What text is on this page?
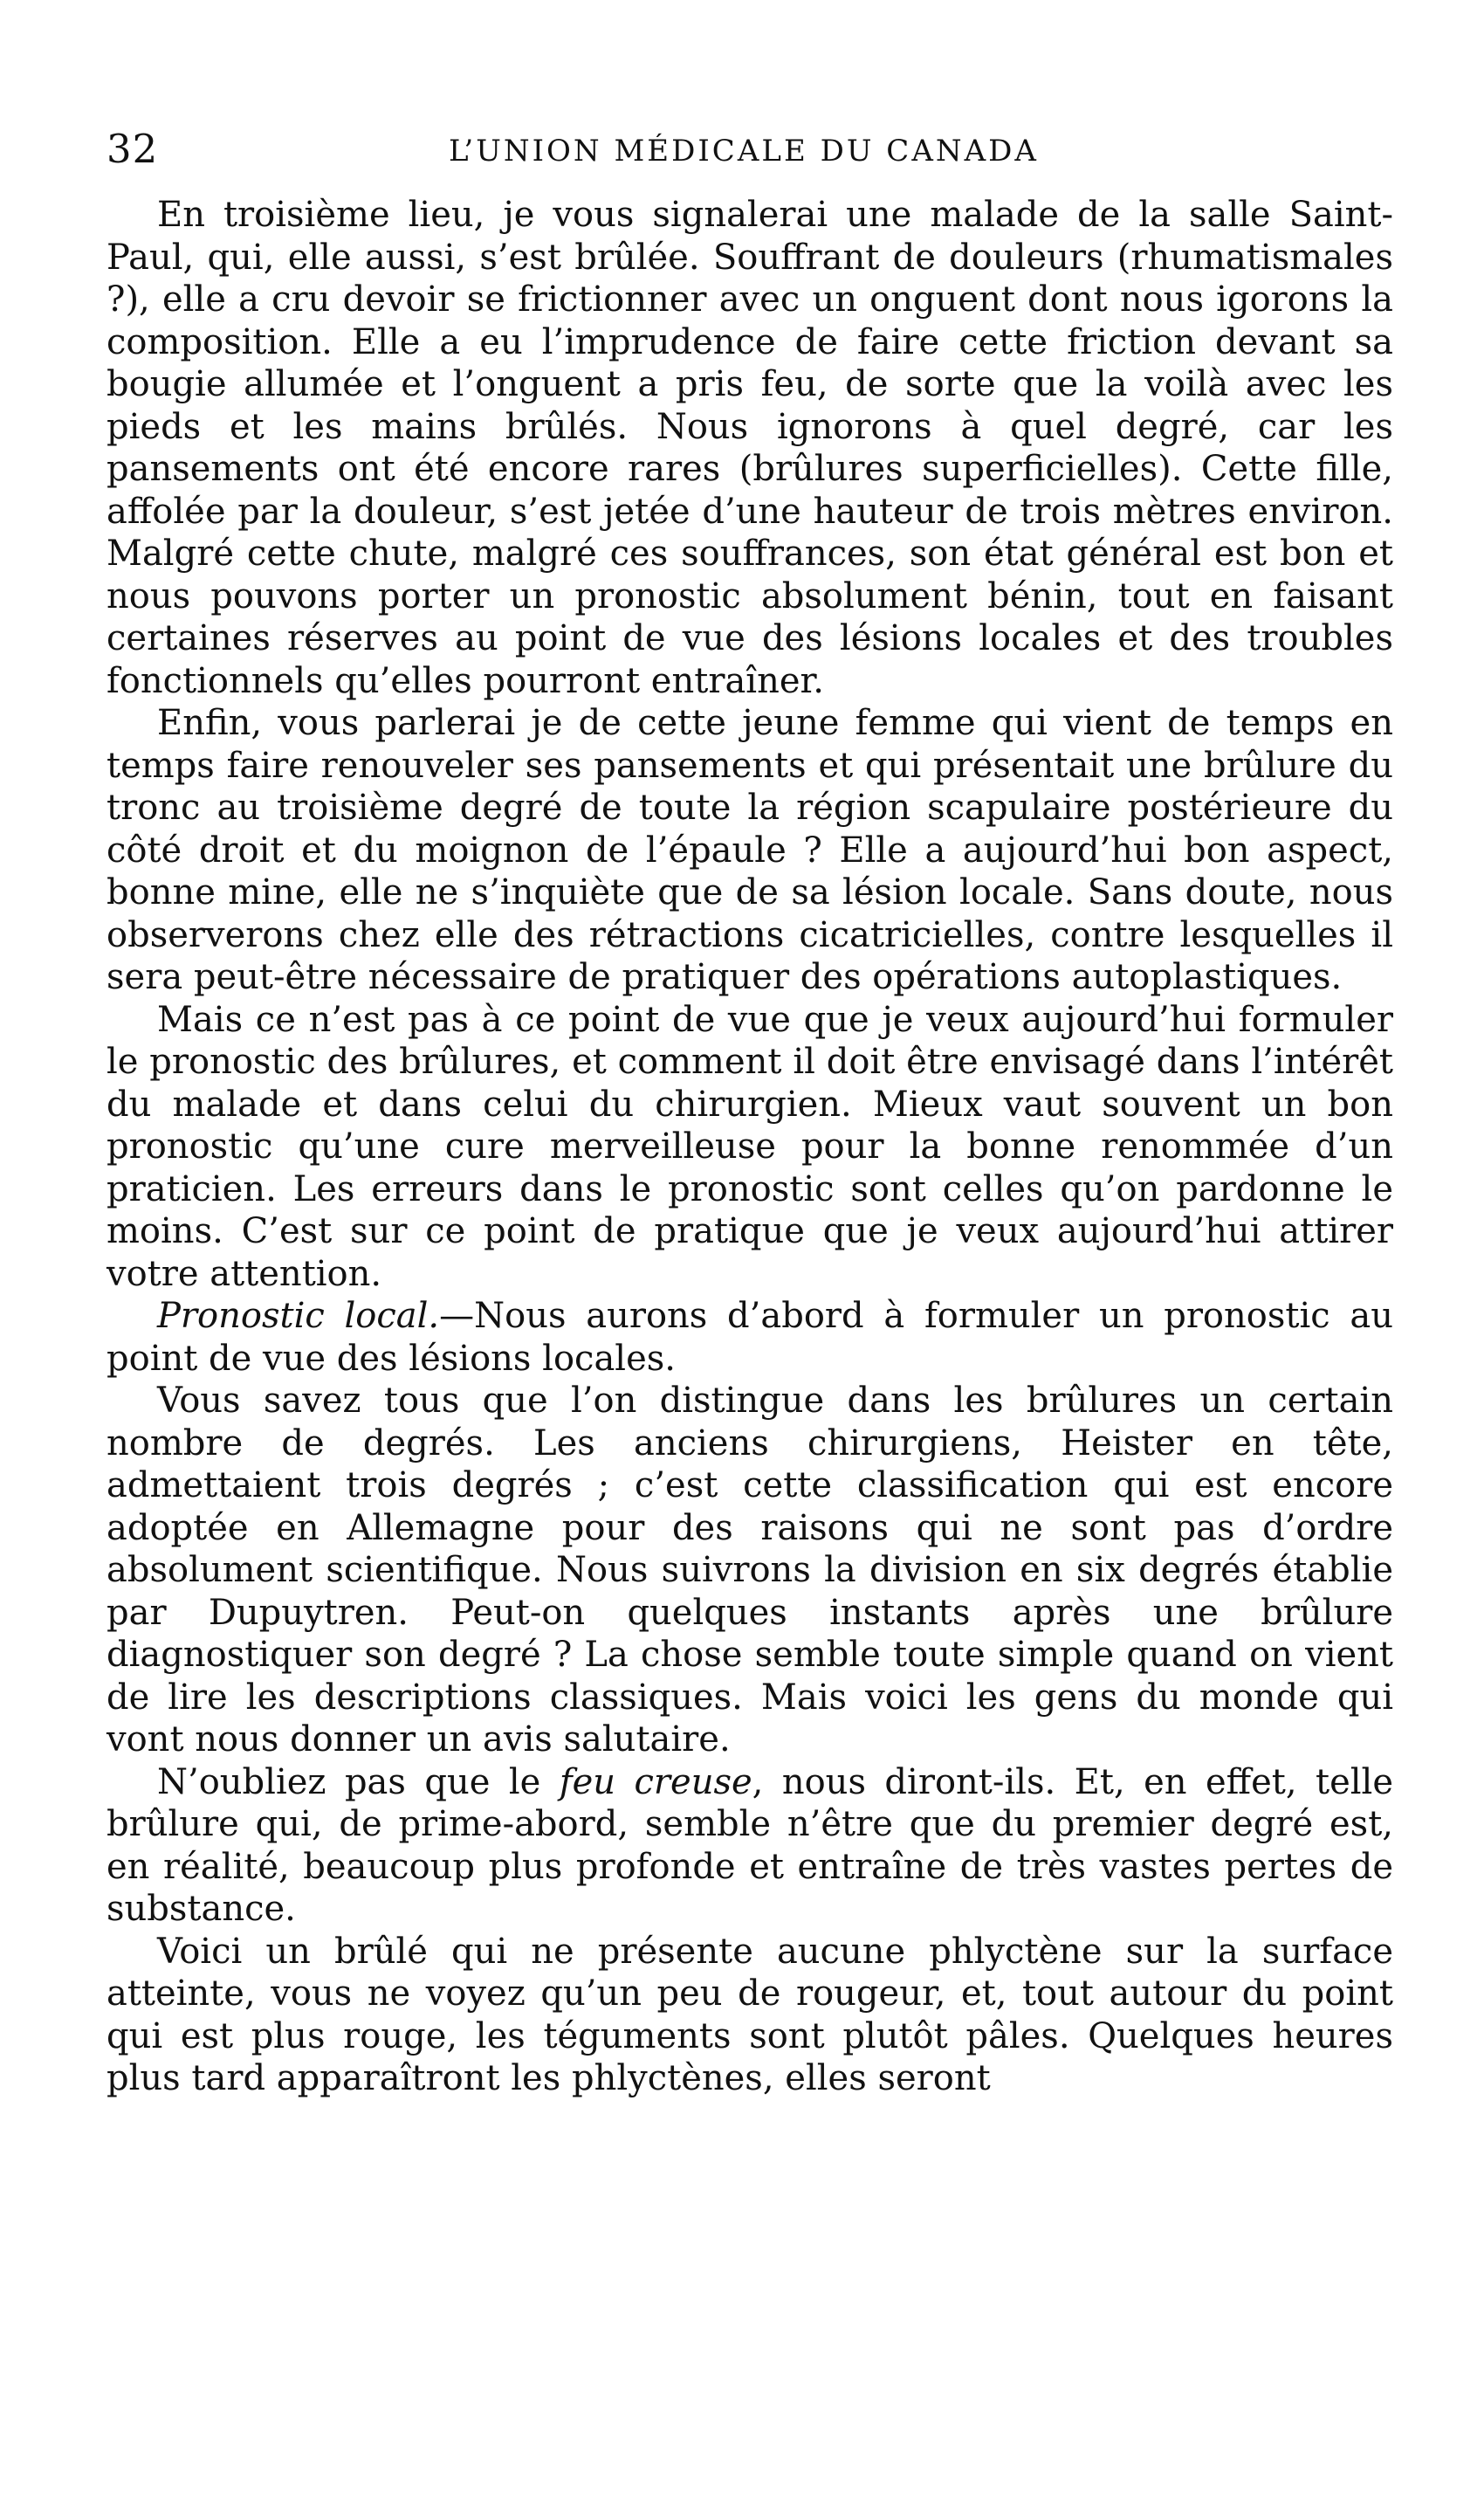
32	L’UNION MÉDICALE DU CANADA

En troisième lieu, je vous signalerai une malade de la salle Saint-Paul, qui, elle aussi, s’est brûlée. Souffrant de douleurs (rhumatismales ?), elle a cru devoir se frictionner avec un onguent dont nous igorons la composition. Elle a eu l’imprudence de faire cette friction devant sa bougie allumée et l’onguent a pris feu, de sorte que la voilà avec les pieds et les mains brûlés. Nous ignorons à quel degré, car les pansements ont été encore rares (brûlures superficielles). Cette fille, affolée par la douleur, s’est jetée d’une hauteur de trois mètres environ. Malgré cette chute, malgré ces souffrances, son état général est bon et nous pouvons porter un pronostic absolument bénin, tout en faisant certaines réserves au point de vue des lésions locales et des troubles fonctionnels qu’elles pourront entraîner.

Enfin, vous parlerai je de cette jeune femme qui vient de temps en temps faire renouveler ses pansements et qui présentait une brûlure du tronc au troisième degré de toute la région scapulaire postérieure du côté droit et du moignon de l’épaule ? Elle a aujourd’hui bon aspect, bonne mine, elle ne s’inquiète que de sa lésion locale. Sans doute, nous observerons chez elle des rétractions cicatricielles, contre lesquelles il sera peut-être nécessaire de pratiquer des opérations autoplastiques.

Mais ce n’est pas à ce point de vue que je veux aujourd’hui formuler le pronostic des brûlures, et comment il doit être envisagé dans l’intérêt du malade et dans celui du chirurgien. Mieux vaut souvent un bon pronostic qu’une cure merveilleuse pour la bonne renommée d’un praticien. Les erreurs dans le pronostic sont celles qu’on pardonne le moins. C’est sur ce point de pratique que je veux aujourd’hui attirer votre attention.

Pronostic local.—Nous aurons d’abord à formuler un pronostic au point de vue des lésions locales.

Vous savez tous que l’on distingue dans les brûlures un certain nombre de degrés. Les anciens chirurgiens, Heister en tête, admettaient trois degrés ; c’est cette classification qui est encore adoptée en Allemagne pour des raisons qui ne sont pas d’ordre absolument scientifique. Nous suivrons la division en six degrés établie par Dupuytren. Peut-on quelques instants après une brûlure diagnostiquer son degré ? La chose semble toute simple quand on vient de lire les descriptions classiques. Mais voici les gens du monde qui vont nous donner un avis salutaire.

N’oubliez pas que le feu creuse, nous diront-ils. Et, en effet, telle brûlure qui, de prime-abord, semble n’être que du premier degré est, en réalité, beaucoup plus profonde et entraîne de très vastes pertes de substance.

Voici un brûlé qui ne présente aucune phlyctène sur la surface atteinte, vous ne voyez qu’un peu de rougeur, et, tout autour du point qui est plus rouge, les téguments sont plutôt pâles. Quelques heures plus tard apparaîtront les phlyctènes, elles seront
